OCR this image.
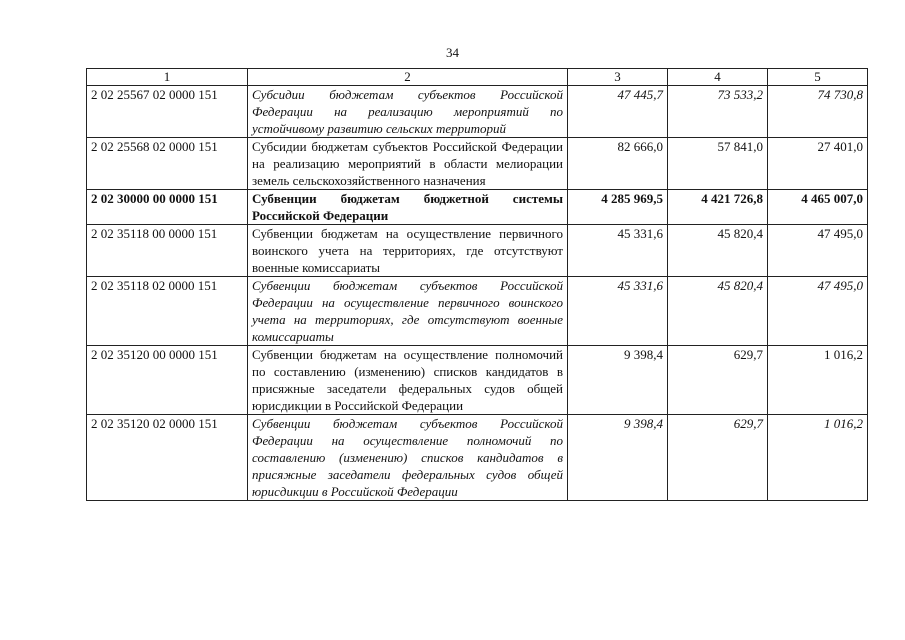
34
1	2	3	4	5
2 02 25567 02 0000 151	Субсидии бюджетам субъектов Российской Федерации на реализацию мероприятий по устойчивому развитию сельских территорий	47 445,7	73 533,2	74 730,8
2 02 25568 02 0000 151	Субсидии бюджетам субъектов Российской Федерации на реализацию мероприятий в области мелиорации земель сельскохозяйственного назначения	82 666,0	57 841,0	27 401,0
2 02 30000 00 0000 151	Субвенции бюджетам бюджетной системы Российской Федерации	4 285 969,5	4 421 726,8	4 465 007,0
2 02 35118 00 0000 151	Субвенции бюджетам на осуществление первичного воинского учета на территориях, где отсутствуют военные комиссариаты	45 331,6	45 820,4	47 495,0
2 02 35118 02 0000 151	Субвенции бюджетам субъектов Российской Федерации на осуществление первичного воинского учета на территориях, где отсутствуют военные комиссариаты	45 331,6	45 820,4	47 495,0
2 02 35120 00 0000 151	Субвенции бюджетам на осуществление полномочий по составлению (изменению) списков кандидатов в присяжные заседатели федеральных судов общей юрисдикции в Российской Федерации	9 398,4	629,7	1 016,2
2 02 35120 02 0000 151	Субвенции бюджетам субъектов Российской Федерации на осуществление полномочий по составлению (изменению) списков кандидатов в присяжные заседатели федеральных судов общей юрисдикции в Российской Федерации	9 398,4	629,7	1 016,2
